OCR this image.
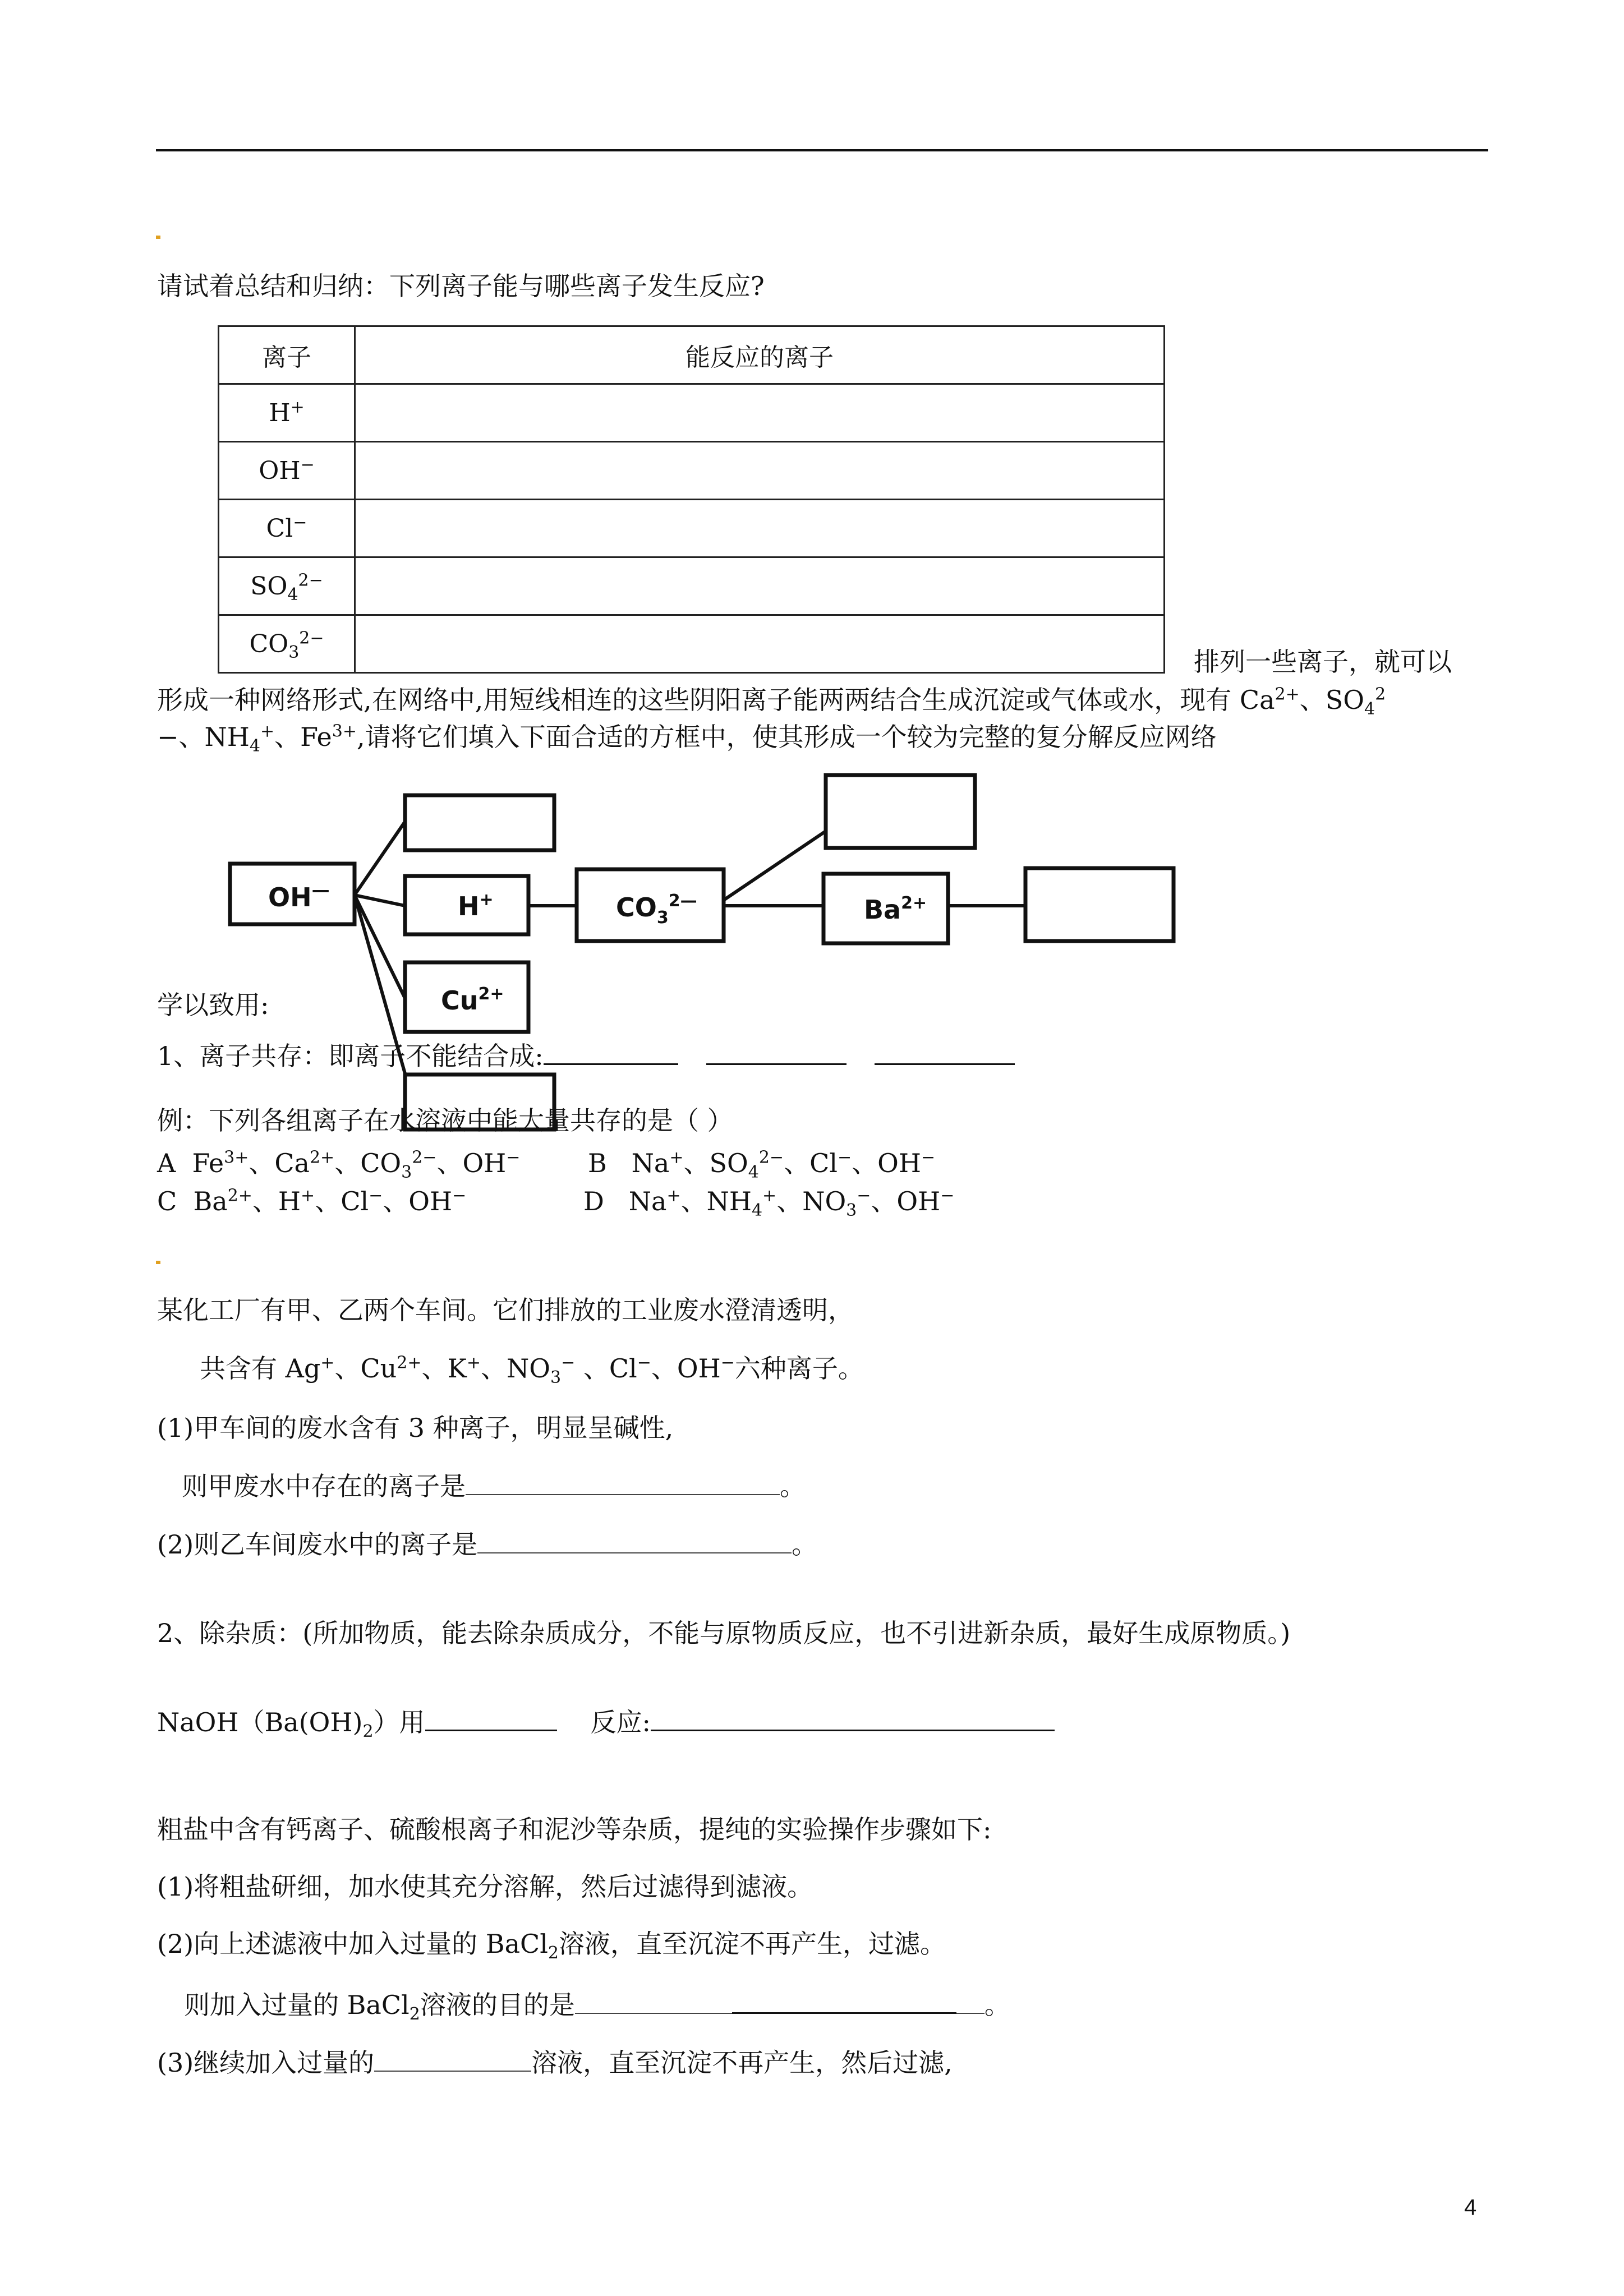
请试着总结和归纳：下列离子能与哪些离子发生反应?
离子	能反应的离子
H+	
OH−	
Cl−	
$SO_4^{2-}$	
$CO_3^{2-}$	
排列一些离子，就可以
形成一种网络形式,在网络中,用短线相连的这些阴阳离子能两两结合生成沉淀或气体或水，现有 $Ca^{2+}$、$SO_4^2$
−、$NH_4^+$、$Fe^{3+}$,请将它们填入下面合适的方框中，使其形成一个较为完整的复分解反应网络
OH—
H+	$CO_3^{2—}$	$Ba^{2+}$
$Cu^{2+}$
学以致用:
1、离子共存：即离子不能结合成:
例：下列各组离子在水溶液中能大量共存的是（ ）
A  $Fe^{3+}$、$Ca^{2+}$、$CO_3^{2-}$、OH−	B   Na+、$SO_4^{2-}$、Cl−、OH−
C  $Ba^{2+}$、H+、Cl−、OH−	D   Na+、$NH_4^+$、$NO_3^-$、OH−
某化工厂有甲、乙两个车间。它们排放的工业废水澄清透明，
共含有 Ag+、$Cu^{2+}$、K+、$NO_3^-$ 、Cl−、OH−六种离子。
(1)甲车间的废水含有 3 种离子，明显呈碱性,
则甲废水中存在的离子是	。
(2)则乙车间废水中的离子是	。
2、除杂质：(所加物质，能去除杂质成分，不能与原物质反应，也不引进新杂质，最好生成原物质。)
$NaOH(Ba(OH)_2)$用	反应:
粗盐中含有钙离子、硫酸根离子和泥沙等杂质，提纯的实验操作步骤如下:
(1)将粗盐研细，加水使其充分溶解，然后过滤得到滤液。
(2)向上述滤液中加入过量的 BaCl$_2$溶液，直至沉淀不再产生，过滤。
则加入过量的 BaCl$_2$溶液的目的是	。
(3)继续加入过量的	溶液，直至沉淀不再产生，然后过滤,
4
